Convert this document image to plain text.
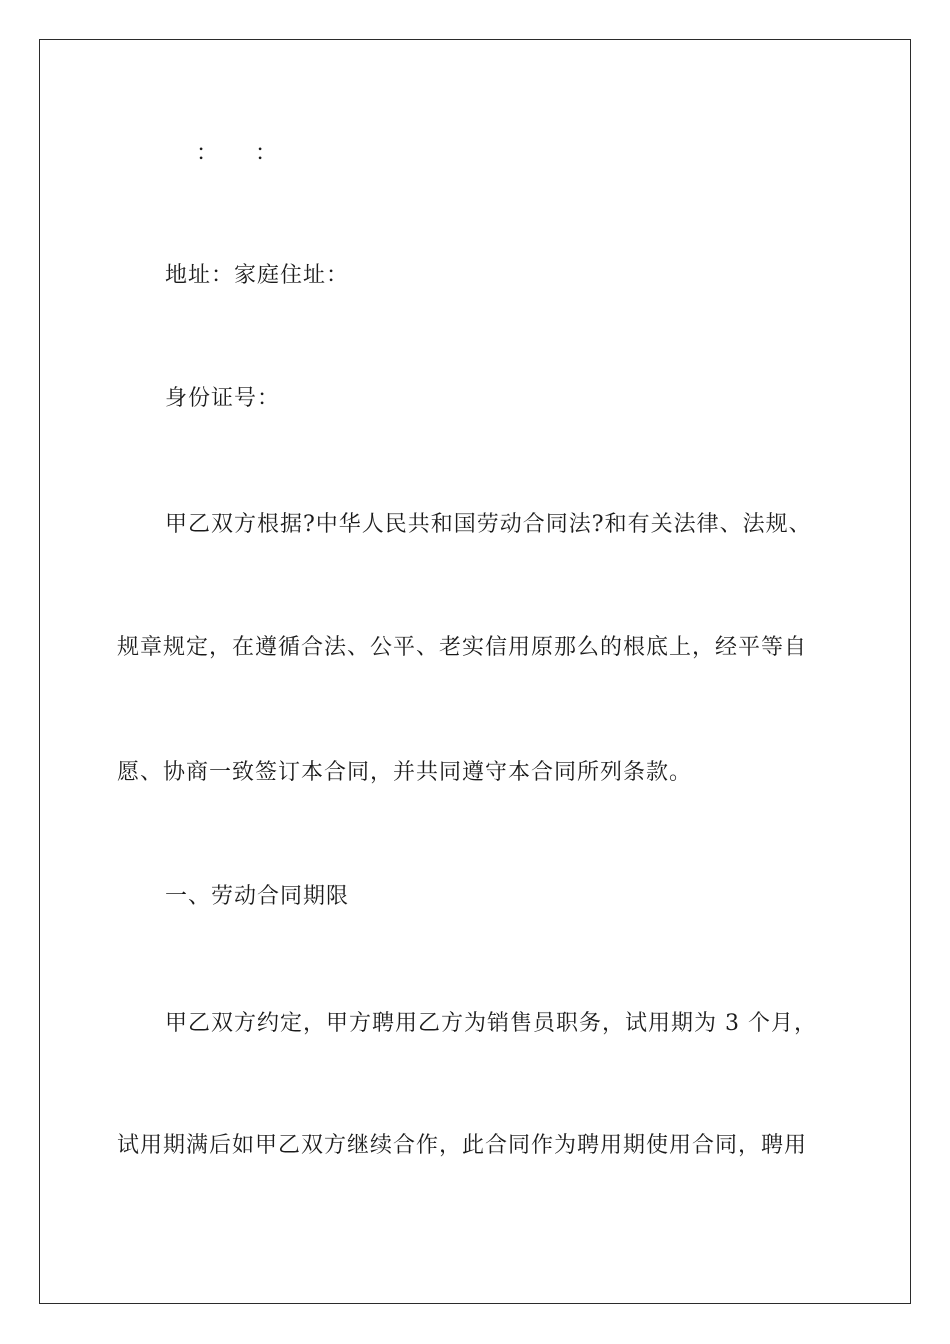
： ：
地址：家庭住址：
身份证号：
甲乙双方根据?中华人民共和国劳动合同法?和有关法律、法规、
规章规定，在遵循合法、公平、老实信用原那么的根底上，经平等自
愿、协商一致签订本合同，并共同遵守本合同所列条款。
一、劳动合同期限
甲乙双方约定，甲方聘用乙方为销售员职务，试用期为 3 个月，
试用期满后如甲乙双方继续合作，此合同作为聘用期使用合同，聘用
